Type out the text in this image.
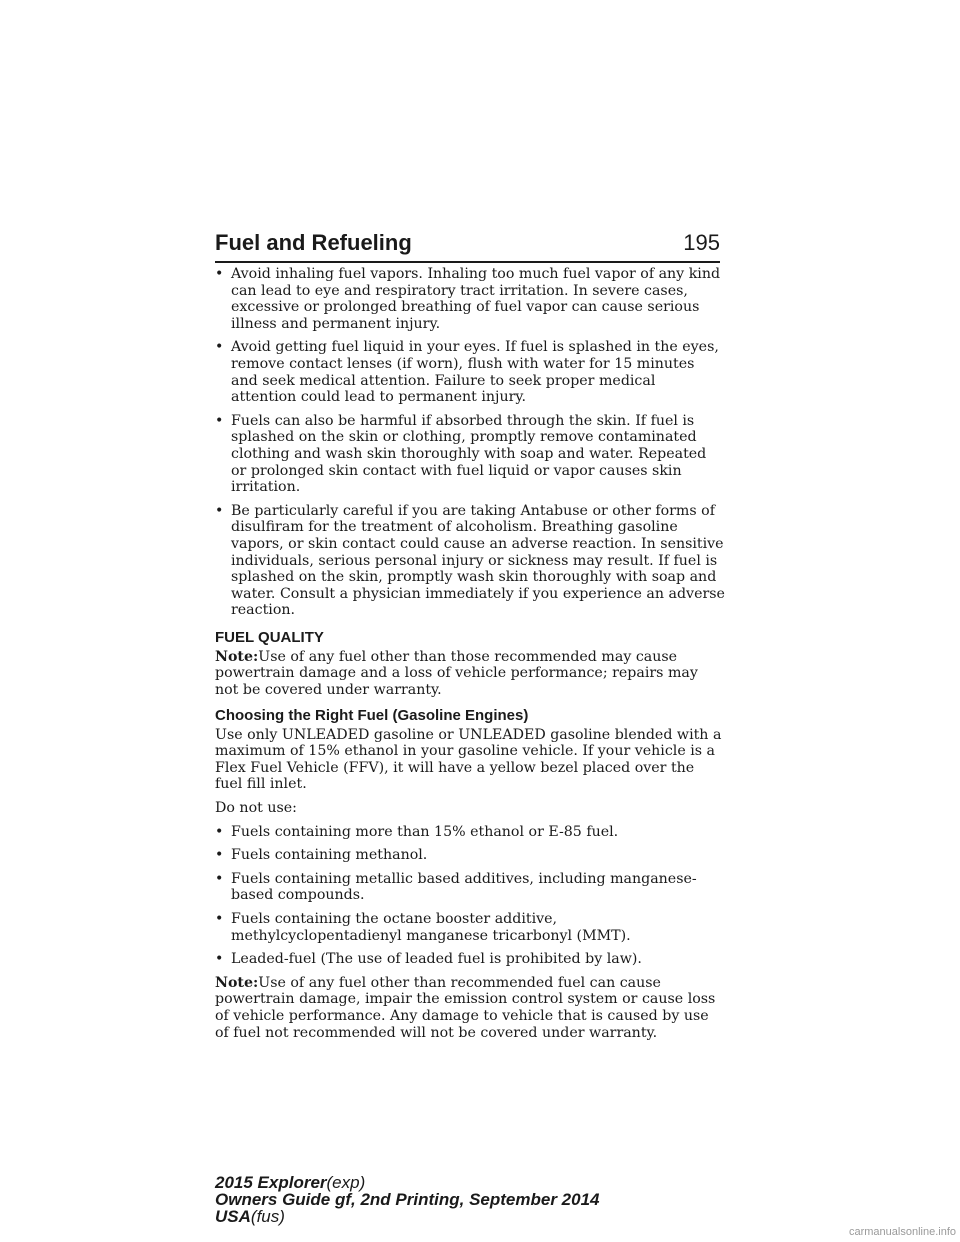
Fuel and Refueling	195
• Avoid inhaling fuel vapors. Inhaling too much fuel vapor of any kind can lead to eye and respiratory tract irritation. In severe cases, excessive or prolonged breathing of fuel vapor can cause serious illness and permanent injury.
• Avoid getting fuel liquid in your eyes. If fuel is splashed in the eyes, remove contact lenses (if worn), flush with water for 15 minutes and seek medical attention. Failure to seek proper medical attention could lead to permanent injury.
• Fuels can also be harmful if absorbed through the skin. If fuel is splashed on the skin or clothing, promptly remove contaminated clothing and wash skin thoroughly with soap and water. Repeated or prolonged skin contact with fuel liquid or vapor causes skin irritation.
• Be particularly careful if you are taking Antabuse or other forms of disulfiram for the treatment of alcoholism. Breathing gasoline vapors, or skin contact could cause an adverse reaction. In sensitive individuals, serious personal injury or sickness may result. If fuel is splashed on the skin, promptly wash skin thoroughly with soap and water. Consult a physician immediately if you experience an adverse reaction.
FUEL QUALITY

Note:Use of any fuel other than those recommended may cause powertrain damage and a loss of vehicle performance; repairs may not be covered under warranty.

Choosing the Right Fuel (Gasoline Engines)

Use only UNLEADED gasoline or UNLEADED gasoline blended with a maximum of 15% ethanol in your gasoline vehicle. If your vehicle is a Flex Fuel Vehicle (FFV), it will have a yellow bezel placed over the fuel fill inlet.

Do not use:

• Fuels containing more than 15% ethanol or E-85 fuel.
• Fuels containing methanol.
• Fuels containing metallic based additives, including manganese-based compounds.
• Fuels containing the octane booster additive, methylcyclopentadienyl manganese tricarbonyl (MMT).
• Leaded-fuel (The use of leaded fuel is prohibited by law).

Note:Use of any fuel other than recommended fuel can cause powertrain damage, impair the emission control system or cause loss of vehicle performance. Any damage to vehicle that is caused by use of fuel not recommended will not be covered under warranty.

2015 Explorer(exp)
Owners Guide gf, 2nd Printing, September 2014
USA(fus)
carmanualsonline.info
